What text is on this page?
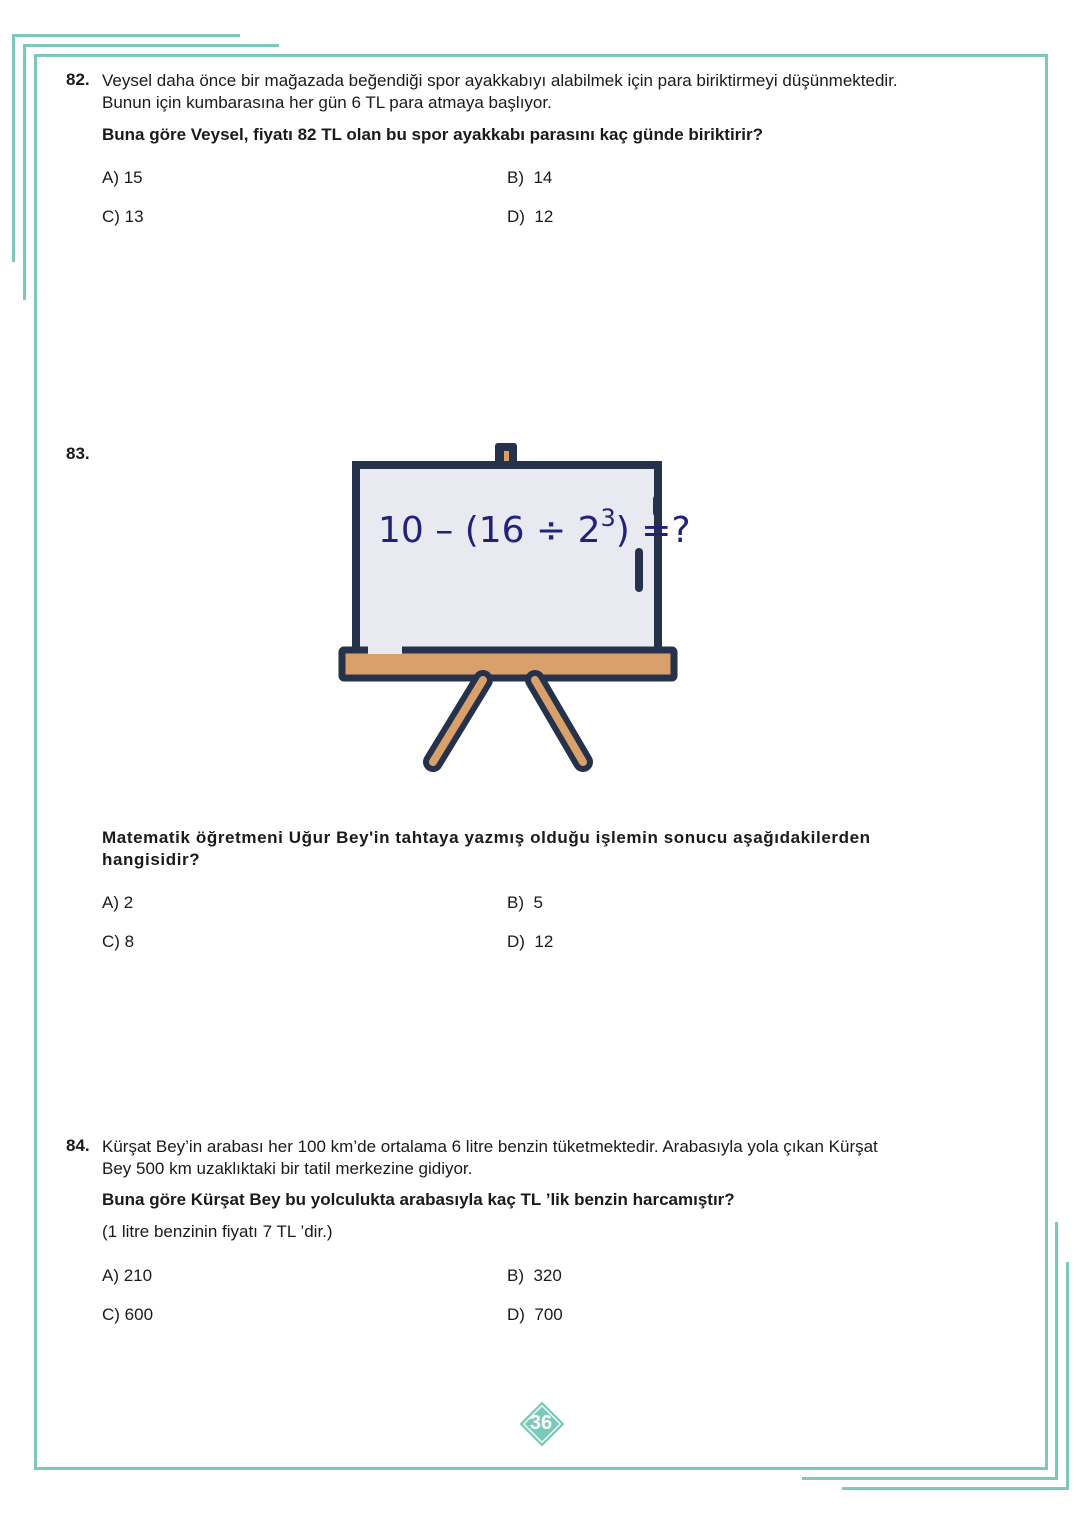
82. Veysel daha önce bir mağazada beğendiği spor ayakkabıyı alabilmek için para biriktirmeyi düşünmektedir.
Bunun için kumbarasına her gün 6 TL para atmaya başlıyor.
Buna göre Veysel, fiyatı 82 TL olan bu spor ayakkabı parasını kaç günde biriktirir?
A) 15	B)  14
C) 13	D)  12
83.
$10 - (16 \div 2^3)$ =?
Matematik öğretmeni Uğur Bey'in tahtaya yazmış olduğu işlemin sonucu aşağıdakilerden
hangisidir?
A) 2	B)  5
C) 8	D)  12
84. Kürşat Bey’in arabası her 100 km’de ortalama 6 litre benzin tüketmektedir. Arabasıyla yola çıkan Kürşat
Bey 500 km uzaklıktaki bir tatil merkezine gidiyor.
Buna göre Kürşat Bey bu yolculukta arabasıyla kaç TL ’lik benzin harcamıştır?
(1 litre benzinin fiyatı 7 TL ’dir.)
A) 210	B)  320
C) 600	D)  700
36
